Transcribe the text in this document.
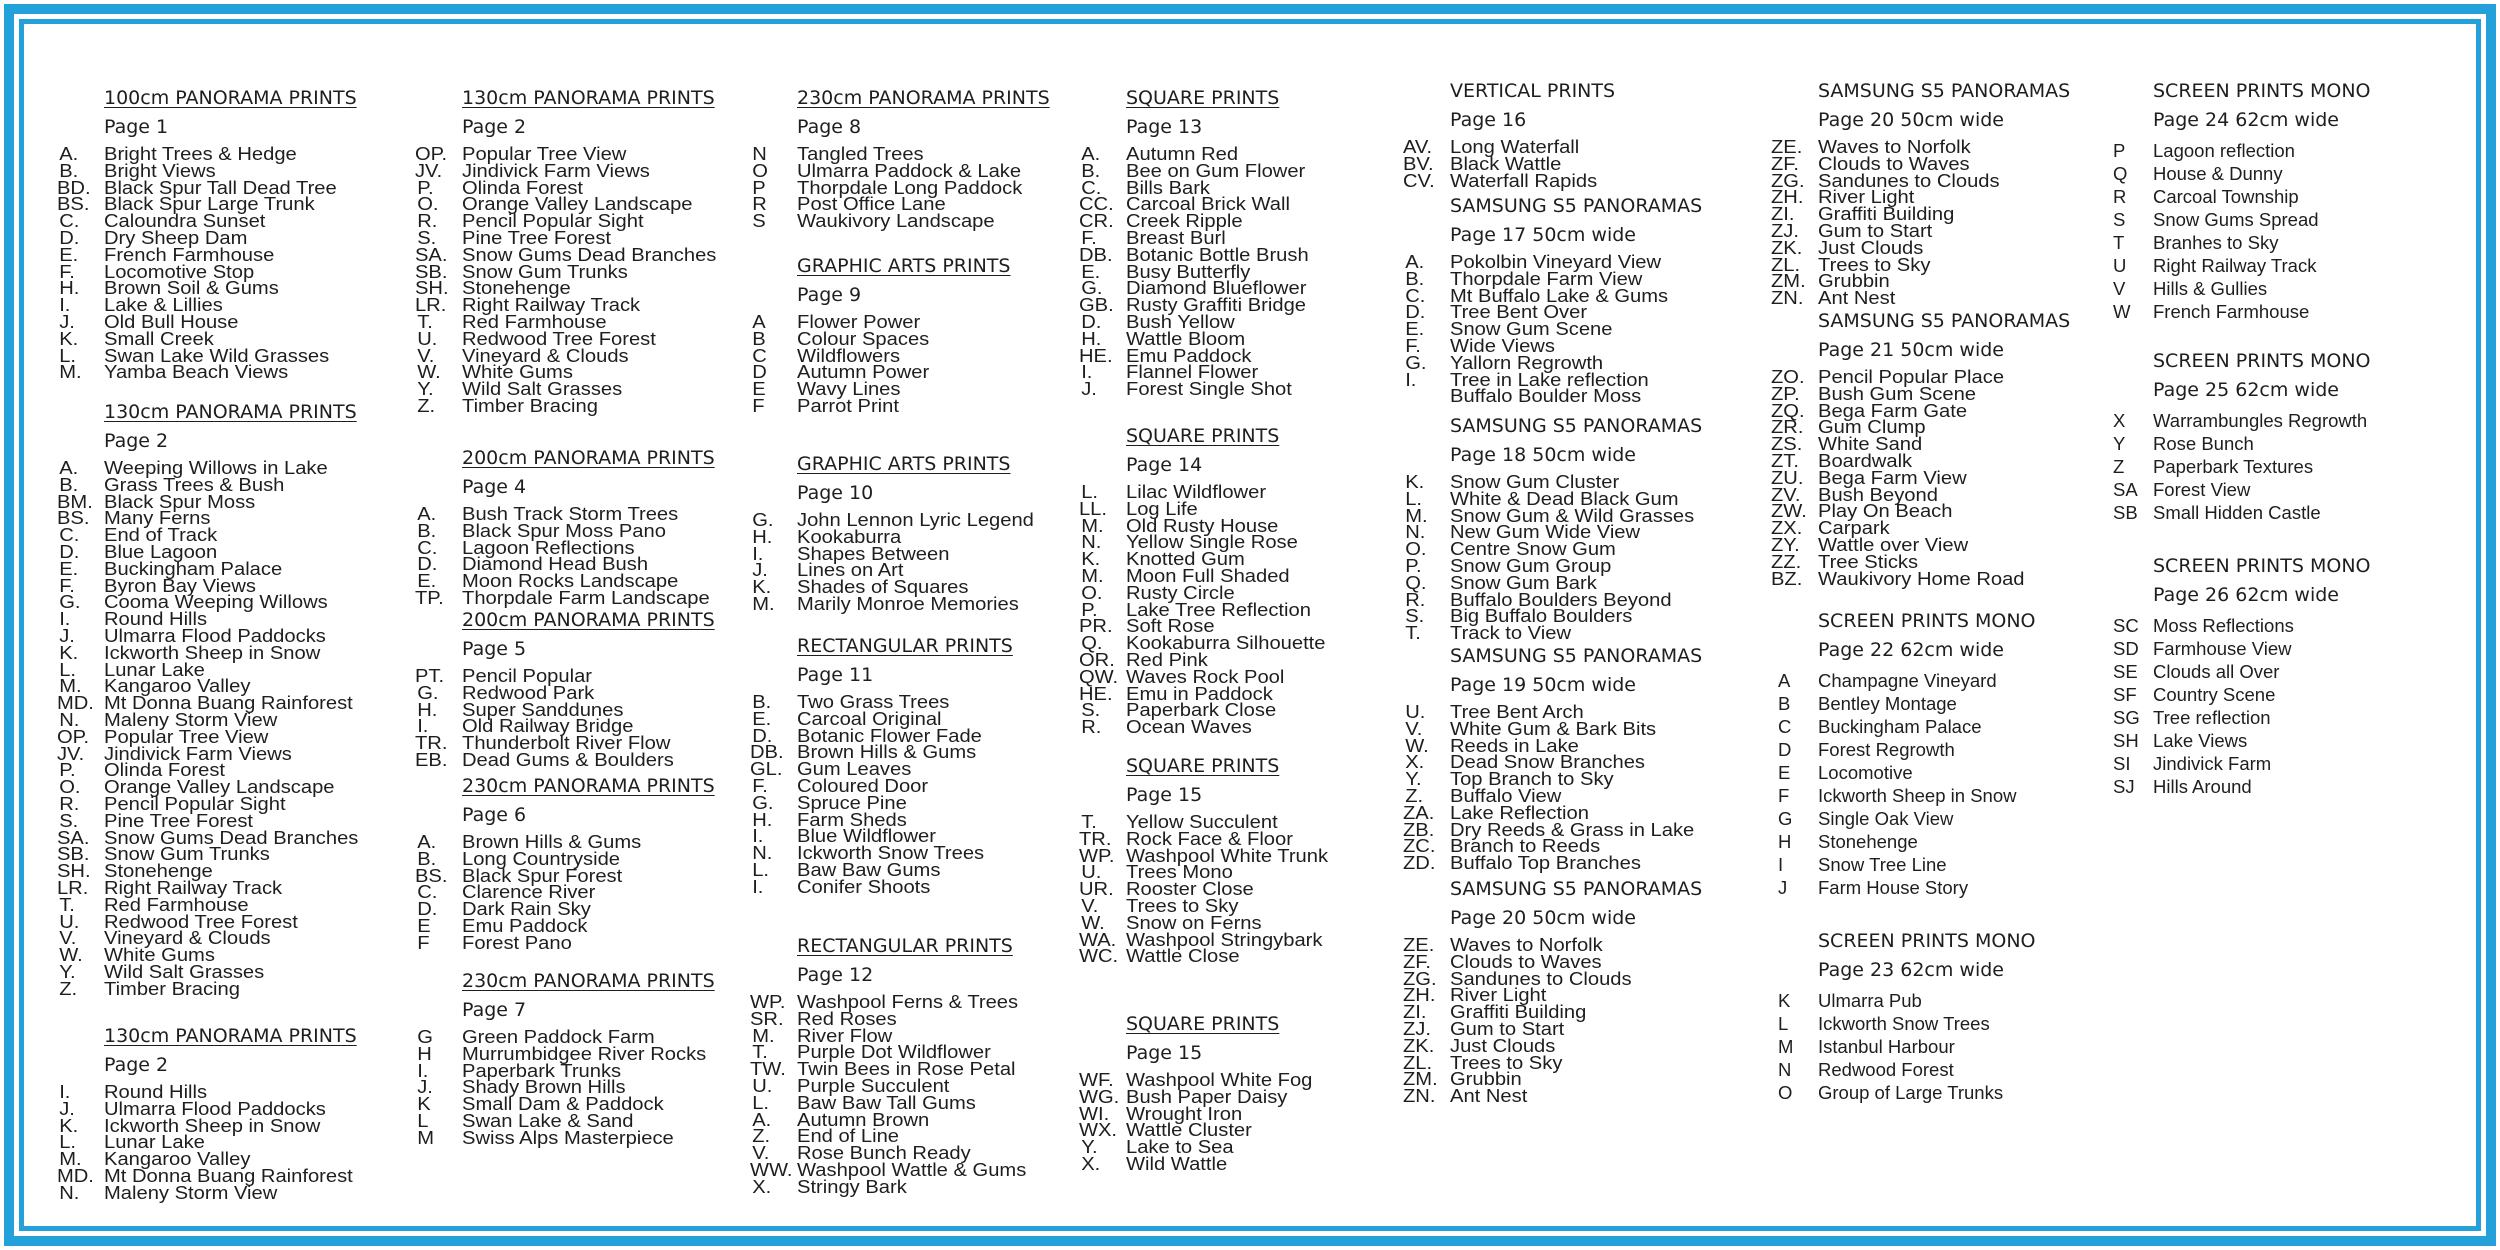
100cm PANORAMA PRINTS
Page 1
A. Bright Trees & Hedge
B. Bright Views
BD. Black Spur Tall Dead Tree
BS. Black Spur Large Trunk
C. Caloundra Sunset
D. Dry Sheep Dam
E. French Farmhouse
F. Locomotive Stop
H. Brown Soil & Gums
I. Lake & Lillies
J. Old Bull House
K. Small Creek
L. Swan Lake Wild Grasses
M. Yamba Beach Views
130cm PANORAMA PRINTS
Page 2
A. Weeping Willows in Lake
B. Grass Trees & Bush
BM. Black Spur Moss
BS. Many Ferns
C. End of Track
D. Blue Lagoon
E. Buckingham Palace
F. Byron Bay Views
G. Cooma Weeping Willows
I. Round Hills
J. Ulmarra Flood Paddocks
K. Ickworth Sheep in Snow
L. Lunar Lake
M. Kangaroo Valley
MD. Mt Donna Buang Rainforest
N. Maleny Storm View
OP. Popular Tree View
JV. Jindivick Farm Views
P. Olinda Forest
O. Orange Valley Landscape
R. Pencil Popular Sight
S. Pine Tree Forest
SA. Snow Gums Dead Branches
SB. Snow Gum Trunks
SH. Stonehenge
LR. Right Railway Track
T. Red Farmhouse
U. Redwood Tree Forest
V. Vineyard & Clouds
W. White Gums
Y. Wild Salt Grasses
Z. Timber Bracing
130cm PANORAMA PRINTS
Page 2
I. Round Hills
J. Ulmarra Flood Paddocks
K. Ickworth Sheep in Snow
L. Lunar Lake
M. Kangaroo Valley
MD. Mt Donna Buang Rainforest
N. Maleny Storm View
130cm PANORAMA PRINTS
Page 2
OP. Popular Tree View
JV. Jindivick Farm Views
P. Olinda Forest
O. Orange Valley Landscape
R. Pencil Popular Sight
S. Pine Tree Forest
SA. Snow Gums Dead Branches
SB. Snow Gum Trunks
SH. Stonehenge
LR. Right Railway Track
T. Red Farmhouse
U. Redwood Tree Forest
V. Vineyard & Clouds
W. White Gums
Y. Wild Salt Grasses
Z. Timber Bracing
200cm PANORAMA PRINTS
Page 4
A. Bush Track Storm Trees
B. Black Spur Moss Pano
C. Lagoon Reflections
D. Diamond Head Bush
E. Moon Rocks Landscape
TP. Thorpdale Farm Landscape
200cm PANORAMA PRINTS
Page 5
PT. Pencil Popular
G. Redwood Park
H. Super Sanddunes
I. Old Railway Bridge
TR. Thunderbolt River Flow
EB. Dead Gums & Boulders
230cm PANORAMA PRINTS
Page 6
A. Brown Hills & Gums
B. Long Countryside
BS. Black Spur Forest
C. Clarence River
D. Dark Rain Sky
E Emu Paddock
F Forest Pano
230cm PANORAMA PRINTS
Page 7
G Green Paddock Farm
H Murrumbidgee River Rocks
I. Paperbark Trunks
J. Shady Brown Hills
K Small Dam & Paddock
L Swan Lake & Sand
M Swiss Alps Masterpiece
230cm PANORAMA PRINTS
Page 8
N Tangled Trees
O Ulmarra Paddock & Lake
P Thorpdale Long Paddock
R Post Office Lane
S Waukivory Landscape
GRAPHIC ARTS PRINTS
Page 9
A Flower Power
B Colour Spaces
C Wildflowers
D Autumn Power
E Wavy Lines
F Parrot Print
GRAPHIC ARTS PRINTS
Page 10
G. John Lennon Lyric Legend
H. Kookaburra
I. Shapes Between
J. Lines on Art
K. Shades of Squares
M. Marily Monroe Memories
RECTANGULAR PRINTS
Page 11
B. Two Grass Trees
E. Carcoal Original
D. Botanic Flower Fade
DB. Brown Hills & Gums
GL. Gum Leaves
F. Coloured Door
G. Spruce Pine
H. Farm Sheds
I. Blue Wildflower
N. Ickworth Snow Trees
L. Baw Baw Gums
I. Conifer Shoots
RECTANGULAR PRINTS
Page 12
WP. Washpool Ferns & Trees
SR. Red Roses
M. River Flow
T. Purple Dot Wildflower
TW. Twin Bees in Rose Petal
U. Purple Succulent
L. Baw Baw Tall Gums
A. Autumn Brown
Z. End of Line
V. Rose Bunch Ready
WW. Washpool Wattle & Gums
X. Stringy Bark
SQUARE PRINTS
Page 13
A. Autumn Red
B. Bee on Gum Flower
C. Bills Bark
CC. Carcoal Brick Wall
CR. Creek Ripple
F. Breast Burl
DB. Botanic Bottle Brush
E. Busy Butterfly
G. Diamond Blueflower
GB. Rusty Graffiti Bridge
D. Bush Yellow
H. Wattle Bloom
HE. Emu Paddock
I. Flannel Flower
J. Forest Single Shot
SQUARE PRINTS
Page 14
L. Lilac Wildflower
LL. Log Life
M. Old Rusty House
N. Yellow Single Rose
K. Knotted Gum
M. Moon Full Shaded
O. Rusty Circle
P. Lake Tree Reflection
PR. Soft Rose
Q. Kookaburra Silhouette
OR. Red Pink
QW. Waves Rock Pool
HE. Emu in Paddock
S. Paperbark Close
R. Ocean Waves
SQUARE PRINTS
Page 15
T. Yellow Succulent
TR. Rock Face & Floor
WP. Washpool White Trunk
U. Trees Mono
UR. Rooster Close
V. Trees to Sky
W. Snow on Ferns
WA. Washpool Stringybark
WC. Wattle Close
SQUARE PRINTS
Page 15
WF. Washpool White Fog
WG. Bush Paper Daisy
WI. Wrought Iron
WX. Wattle Cluster
Y. Lake to Sea
X. Wild Wattle
VERTICAL PRINTS
Page 16
AV. Long Waterfall
BV. Black Wattle
CV. Waterfall Rapids
SAMSUNG S5 PANORAMAS
Page 17 50cm wide
A. Pokolbin Vineyard View
B. Thorpdale Farm View
C. Mt Buffalo Lake & Gums
D. Tree Bent Over
E. Snow Gum Scene
F. Wide Views
G. Yallorn Regrowth
I. Tree in Lake reflection
Buffalo Boulder Moss
SAMSUNG S5 PANORAMAS
Page 18 50cm wide
K. Snow Gum Cluster
L. White & Dead Black Gum
M. Snow Gum & Wild Grasses
N. New Gum Wide View
O. Centre Snow Gum
P. Snow Gum Group
Q. Snow Gum Bark
R. Buffalo Boulders Beyond
S. Big Buffalo Boulders
T. Track to View
SAMSUNG S5 PANORAMAS
Page 19 50cm wide
U. Tree Bent Arch
V. White Gum & Bark Bits
W. Reeds in Lake
X. Dead Snow Branches
Y. Top Branch to Sky
Z. Buffalo View
ZA. Lake Reflection
ZB. Dry Reeds & Grass in Lake
ZC. Branch to Reeds
ZD. Buffalo Top Branches
SAMSUNG S5 PANORAMAS
Page 20 50cm wide
ZE. Waves to Norfolk
ZF. Clouds to Waves
ZG. Sandunes to Clouds
ZH. River Light
ZI. Graffiti Building
ZJ. Gum to Start
ZK. Just Clouds
ZL. Trees to Sky
ZM. Grubbin
ZN. Ant Nest
SAMSUNG S5 PANORAMAS
Page 20 50cm wide
ZE. Waves to Norfolk
ZF. Clouds to Waves
ZG. Sandunes to Clouds
ZH. River Light
ZI. Graffiti Building
ZJ. Gum to Start
ZK. Just Clouds
ZL. Trees to Sky
ZM. Grubbin
ZN. Ant Nest
SAMSUNG S5 PANORAMAS
Page 21 50cm wide
ZO. Pencil Popular Place
ZP. Bush Gum Scene
ZQ. Bega Farm Gate
ZR. Gum Clump
ZS. White Sand
ZT. Boardwalk
ZU. Bega Farm View
ZV. Bush Beyond
ZW. Play On Beach
ZX. Carpark
ZY. Wattle over View
ZZ. Tree Sticks
BZ. Waukivory Home Road
SCREEN PRINTS MONO
Page 22 62cm wide
A Champagne Vineyard
B Bentley Montage
C Buckingham Palace
D Forest Regrowth
E Locomotive
F Ickworth Sheep in Snow
G Single Oak View
H Stonehenge
I Snow Tree Line
J Farm House Story
SCREEN PRINTS MONO
Page 23 62cm wide
K Ulmarra Pub
L Ickworth Snow Trees
M Istanbul Harbour
N Redwood Forest
O Group of Large Trunks
SCREEN PRINTS MONO
Page 24 62cm wide
P Lagoon reflection
Q House & Dunny
R Carcoal Township
S Snow Gums Spread
T Branhes to Sky
U Right Railway Track
V Hills & Gullies
W French Farmhouse
SCREEN PRINTS MONO
Page 25 62cm wide
X Warrambungles Regrowth
Y Rose Bunch
Z Paperbark Textures
SA Forest View
SB Small Hidden Castle
SCREEN PRINTS MONO
Page 26 62cm wide
SC Moss Reflections
SD Farmhouse View
SE Clouds all Over
SF Country Scene
SG Tree reflection
SH Lake Views
SI Jindivick Farm
SJ Hills Around
